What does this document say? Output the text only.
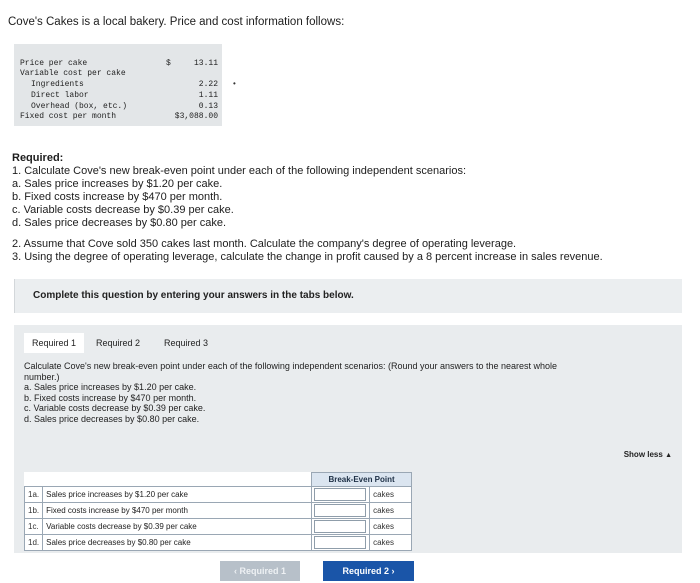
Cove's Cakes is a local bakery. Price and cost information follows:
Price per cake	$	13.11
Variable cost per cake
Ingredients	2.22
Direct labor	1.11
Overhead (box, etc.)	0.13
Fixed cost per month	$3,088.00
•
Required:
1. Calculate Cove's new break-even point under each of the following independent scenarios:
a. Sales price increases by $1.20 per cake.
b. Fixed costs increase by $470 per month.
c. Variable costs decrease by $0.39 per cake.
d. Sales price decreases by $0.80 per cake.
2. Assume that Cove sold 350 cakes last month. Calculate the company's degree of operating leverage.
3. Using the degree of operating leverage, calculate the change in profit caused by a 8 percent increase in sales revenue.
Complete this question by entering your answers in the tabs below.
Required 1	Required 2	Required 3
Calculate Cove's new break-even point under each of the following independent scenarios: (Round your answers to the nearest whole number.)
a. Sales price increases by $1.20 per cake.
b. Fixed costs increase by $470 per month.
c. Variable costs decrease by $0.39 per cake.
d. Sales price decreases by $0.80 per cake.
Show less ▲
		Break-Even Point	
1a.	Sales price increases by $1.20 per cake		cakes
1b.	Fixed costs increase by $470 per month		cakes
1c.	Variable costs decrease by $0.39 per cake		cakes
1d.	Sales price decreases by $0.80 per cake		cakes
‹ Required 1	Required 2 ›
